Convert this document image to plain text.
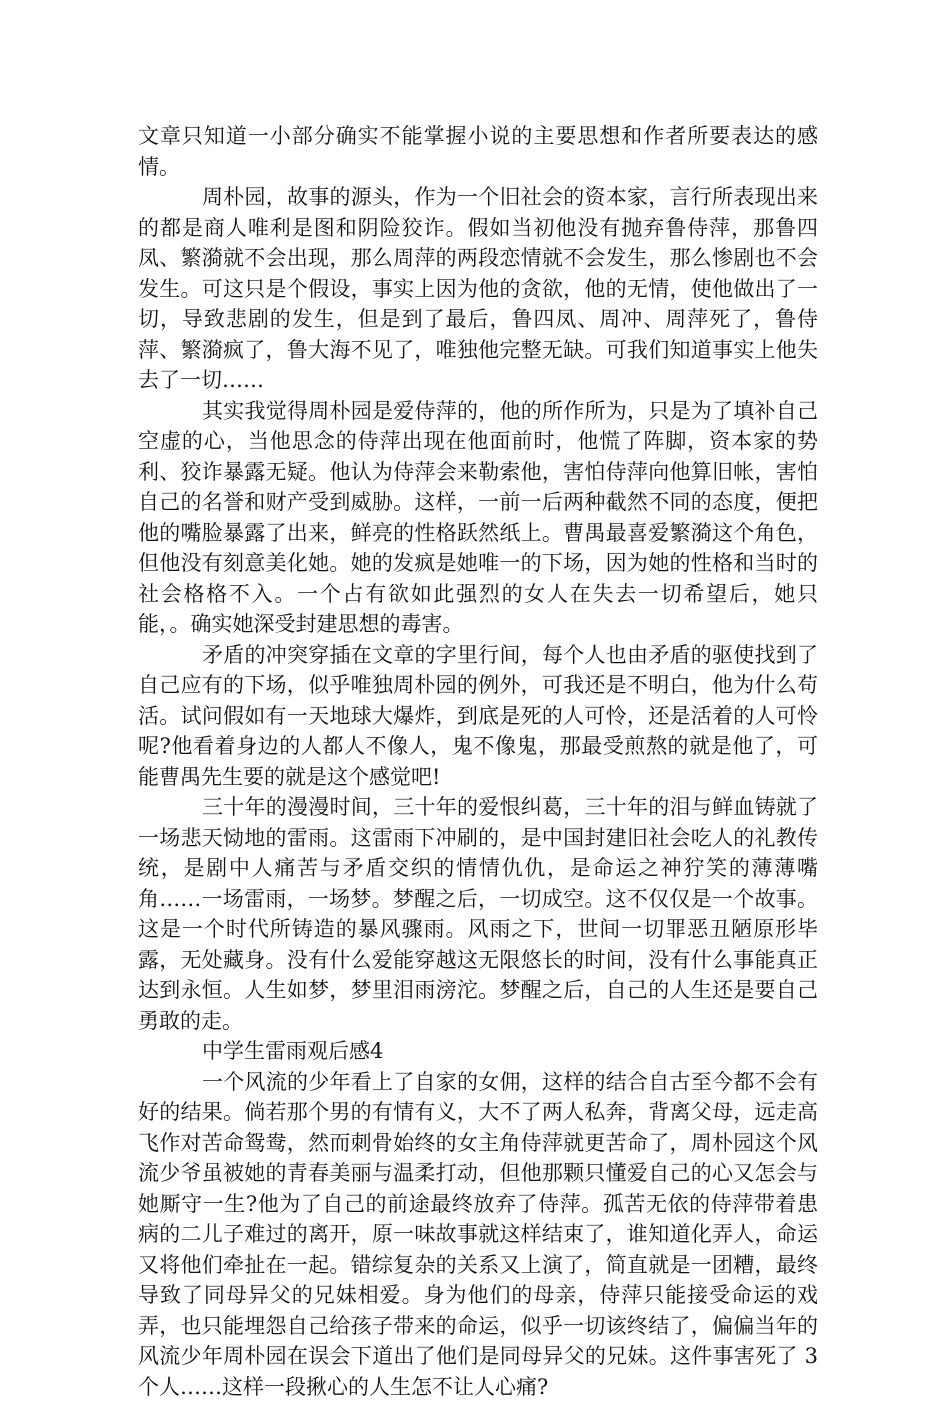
文章只知道一小部分确实不能掌握小说的主要思想和作者所要表达的感情。

周朴园，故事的源头，作为一个旧社会的资本家，言行所表现出来的都是商人唯利是图和阴险狡诈。假如当初他没有抛弃鲁侍萍，那鲁四凤、繁漪就不会出现，那么周萍的两段恋情就不会发生，那么惨剧也不会发生。可这只是个假设，事实上因为他的贪欲，他的无情，使他做出了一切，导致悲剧的发生，但是到了最后，鲁四凤、周冲、周萍死了，鲁侍萍、繁漪疯了，鲁大海不见了，唯独他完整无缺。可我们知道事实上他失去了一切……

其实我觉得周朴园是爱侍萍的，他的所作所为，只是为了填补自己空虚的心，当他思念的侍萍出现在他面前时，他慌了阵脚，资本家的势利、狡诈暴露无疑。他认为侍萍会来勒索他，害怕侍萍向他算旧帐，害怕自己的名誉和财产受到威胁。这样，一前一后两种截然不同的态度，便把他的嘴脸暴露了出来，鲜亮的性格跃然纸上。曹禺最喜爱繁漪这个角色，但他没有刻意美化她。她的发疯是她唯一的下场，因为她的性格和当时的社会格格不入。一个占有欲如此强烈的女人在失去一切希望后，她只能，。确实她深受封建思想的毒害。

矛盾的冲突穿插在文章的字里行间，每个人也由矛盾的驱使找到了自己应有的下场，似乎唯独周朴园的例外，可我还是不明白，他为什么苟活。试问假如有一天地球大爆炸，到底是死的人可怜，还是活着的人可怜呢?他看着身边的人都人不像人，鬼不像鬼，那最受煎熬的就是他了，可能曹禺先生要的就是这个感觉吧!

三十年的漫漫时间，三十年的爱恨纠葛，三十年的泪与鲜血铸就了一场悲天恸地的雷雨。这雷雨下冲刷的，是中国封建旧社会吃人的礼教传统，是剧中人痛苦与矛盾交织的情情仇仇，是命运之神狞笑的薄薄嘴角……一场雷雨，一场梦。梦醒之后，一切成空。这不仅仅是一个故事。这是一个时代所铸造的暴风骤雨。风雨之下，世间一切罪恶丑陋原形毕露，无处藏身。没有什么爱能穿越这无限悠长的时间，没有什么事能真正达到永恒。人生如梦，梦里泪雨滂沱。梦醒之后，自己的人生还是要自己勇敢的走。

中学生雷雨观后感4

一个风流的少年看上了自家的女佣，这样的结合自古至今都不会有好的结果。倘若那个男的有情有义，大不了两人私奔，背离父母，远走高飞作对苦命鸳鸯，然而刺骨始终的女主角侍萍就更苦命了，周朴园这个风流少爷虽被她的青春美丽与温柔打动，但他那颗只懂爱自己的心又怎会与她厮守一生?他为了自己的前途最终放弃了侍萍。孤苦无依的侍萍带着患病的二儿子难过的离开，原一味故事就这样结束了，谁知道化弄人，命运又将他们牵扯在一起。错综复杂的关系又上演了，简直就是一团糟，最终导致了同母异父的兄妹相爱。身为他们的母亲，侍萍只能接受命运的戏弄，也只能埋怨自己给孩子带来的命运，似乎一切该终结了，偏偏当年的风流少年周朴园在误会下道出了他们是同母异父的兄妹。这件事害死了 3 个人……这样一段揪心的人生怎不让人心痛?
